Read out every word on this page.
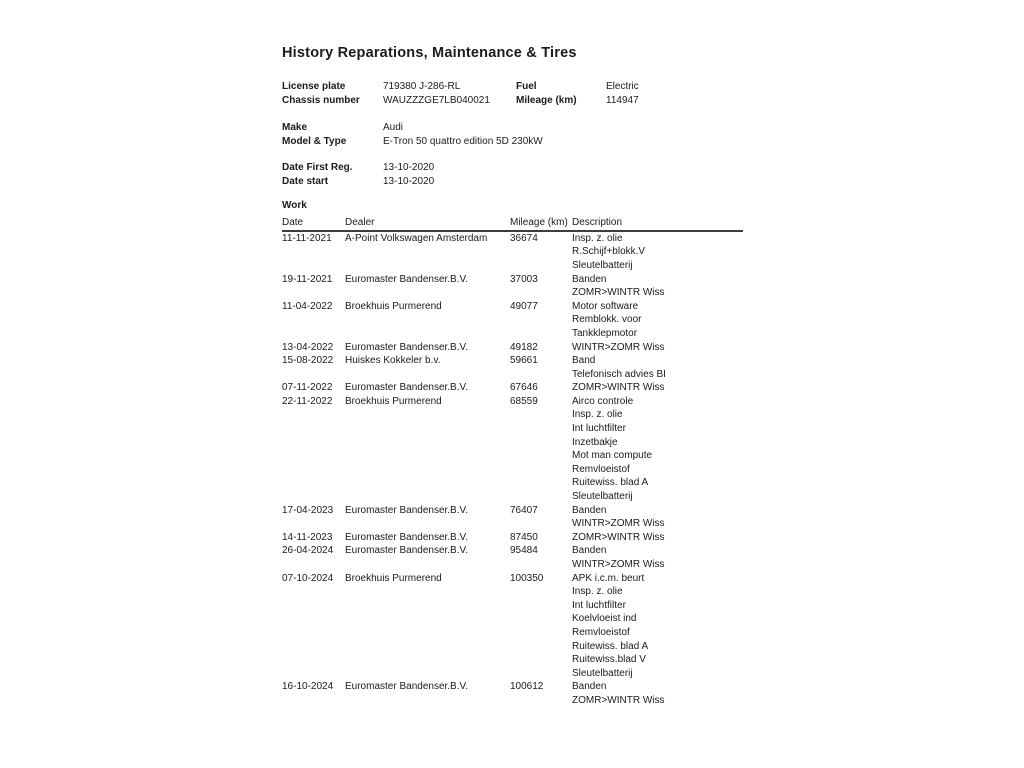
History Reparations, Maintenance & Tires
License plate	719380 J-286-RL	Fuel	Electric
Chassis number	WAUZZZGE7LB040021	Mileage (km)	114947
Make	Audi
Model & Type	E-Tron 50 quattro edition 5D 230kW
Date First Reg.	13-10-2020
Date start	13-10-2020
Work
Date	Dealer	Mileage (km)	Description
11-11-2021	A-Point Volkswagen Amsterdam	36674	Insp. z. olie
R.Schijf+blokk.V
Sleutelbatterij

19-11-2021	Euromaster Bandenser.B.V.	37003	Banden
ZOMR>WINTR Wiss

11-04-2022	Broekhuis Purmerend	49077	Motor software
Remblokk. voor
Tankklepmotor

13-04-2022	Euromaster Bandenser.B.V.	49182	WINTR>ZOMR Wiss

15-08-2022	Huiskes Kokkeler b.v.	59661	Band
Telefonisch advies BI

07-11-2022	Euromaster Bandenser.B.V.	67646	ZOMR>WINTR Wiss

22-11-2022	Broekhuis Purmerend	68559	Airco controle
Insp. z. olie
Int luchtfilter
Inzetbakje
Mot man compute
Remvloeistof
Ruitewiss. blad A
Sleutelbatterij

17-04-2023	Euromaster Bandenser.B.V.	76407	Banden
WINTR>ZOMR Wiss

14-11-2023	Euromaster Bandenser.B.V.	87450	ZOMR>WINTR Wiss

26-04-2024	Euromaster Bandenser.B.V.	95484	Banden
WINTR>ZOMR Wiss

07-10-2024	Broekhuis Purmerend	100350	APK i.c.m. beurt
Insp. z. olie
Int luchtfilter
Koelvloeist ind
Remvloeistof
Ruitewiss. blad A
Ruitewiss.blad V
Sleutelbatterij

16-10-2024	Euromaster Bandenser.B.V.	100612	Banden
ZOMR>WINTR Wiss
